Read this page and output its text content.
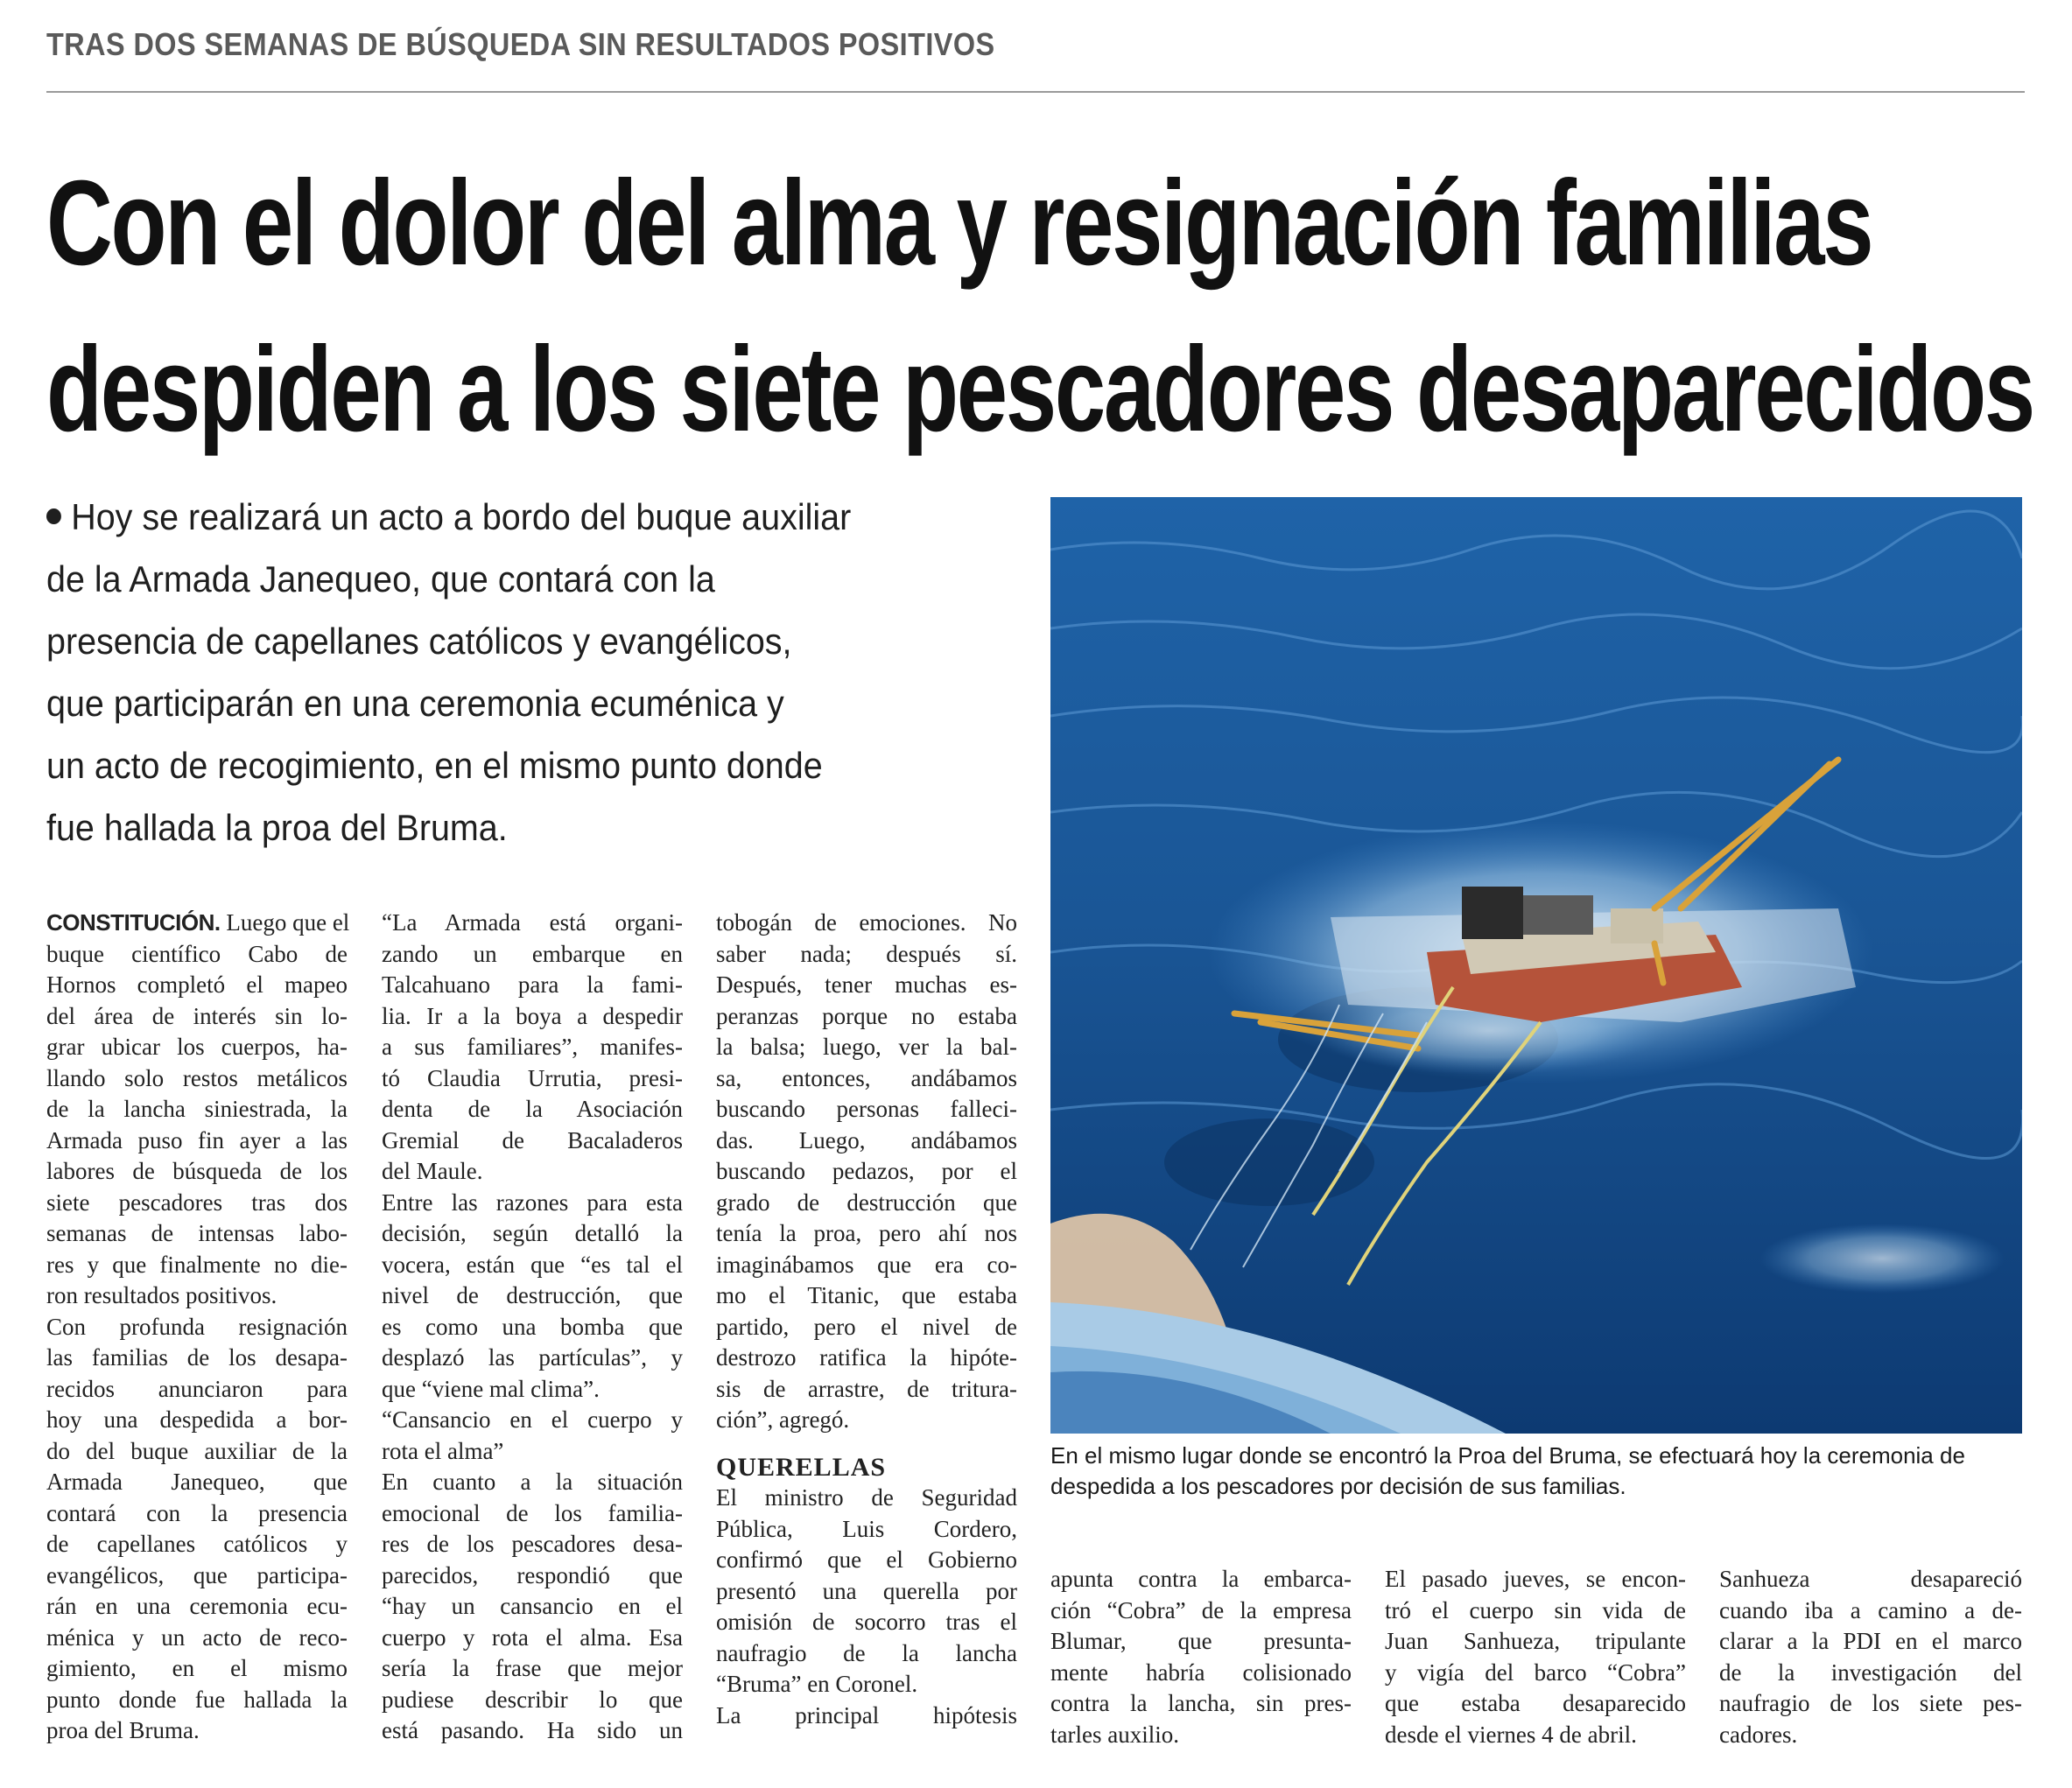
TRAS DOS SEMANAS DE BÚSQUEDA SIN RESULTADOS POSITIVOS
Con el dolor del alma y resignación familias
despiden a los siete pescadores desaparecidos
Hoy se realizará un acto a bordo del buque auxiliar
de la Armada Janequeo, que contará con la
presencia de capellanes católicos y evangélicos,
que participarán en una ceremonia ecuménica y
un acto de recogimiento, en el mismo punto donde
fue hallada la proa del Bruma.
En el mismo lugar donde se encontró la Proa del Bruma, se efectuará hoy la ceremonia de
despedida a los pescadores por decisión de sus familias.
CONSTITUCIÓN. Luego que el
buque científico Cabo de
Hornos completó el mapeo
del área de interés sin lo-
grar ubicar los cuerpos, ha-
llando solo restos metálicos
de la lancha siniestrada, la
Armada puso fin ayer a las
labores de búsqueda de los
siete pescadores tras dos
semanas de intensas labo-
res y que finalmente no die-
ron resultados positivos.
Con profunda resignación
las familias de los desapa-
recidos anunciaron para
hoy una despedida a bor-
do del buque auxiliar de la
Armada Janequeo, que
contará con la presencia
de capellanes católicos y
evangélicos, que participa-
rán en una ceremonia ecu-
ménica y un acto de reco-
gimiento, en el mismo
punto donde fue hallada la
proa del Bruma.
“La Armada está organi-
zando un embarque en
Talcahuano para la fami-
lia. Ir a la boya a despedir
a sus familiares”, manifes-
tó Claudia Urrutia, presi-
denta de la Asociación
Gremial de Bacaladeros
del Maule.
Entre las razones para esta
decisión, según detalló la
vocera, están que “es tal el
nivel de destrucción, que
es como una bomba que
desplazó las partículas”, y
que “viene mal clima”.
“Cansancio en el cuerpo y
rota el alma”
En cuanto a la situación
emocional de los familia-
res de los pescadores desa-
parecidos, respondió que
“hay un cansancio en el
cuerpo y rota el alma. Esa
sería la frase que mejor
pudiese describir lo que
está pasando. Ha sido un
tobogán de emociones. No
saber nada; después sí.
Después, tener muchas es-
peranzas porque no estaba
la balsa; luego, ver la bal-
sa, entonces, andábamos
buscando personas falleci-
das. Luego, andábamos
buscando pedazos, por el
grado de destrucción que
tenía la proa, pero ahí nos
imaginábamos que era co-
mo el Titanic, que estaba
partido, pero el nivel de
destrozo ratifica la hipóte-
sis de arrastre, de tritura-
ción”, agregó.
QUERELLAS
El ministro de Seguridad
Pública, Luis Cordero,
confirmó que el Gobierno
presentó una querella por
omisión de socorro tras el
naufragio de la lancha
“Bruma” en Coronel.
La principal hipótesis
apunta contra la embarca-
ción “Cobra” de la empresa
Blumar, que presunta-
mente habría colisionado
contra la lancha, sin pres-
tarles auxilio.
El pasado jueves, se encon-
tró el cuerpo sin vida de
Juan Sanhueza, tripulante
y vigía del barco “Cobra”
que estaba desaparecido
desde el viernes 4 de abril.
Sanhueza desapareció
cuando iba a camino a de-
clarar a la PDI en el marco
de la investigación del
naufragio de los siete pes-
cadores.
